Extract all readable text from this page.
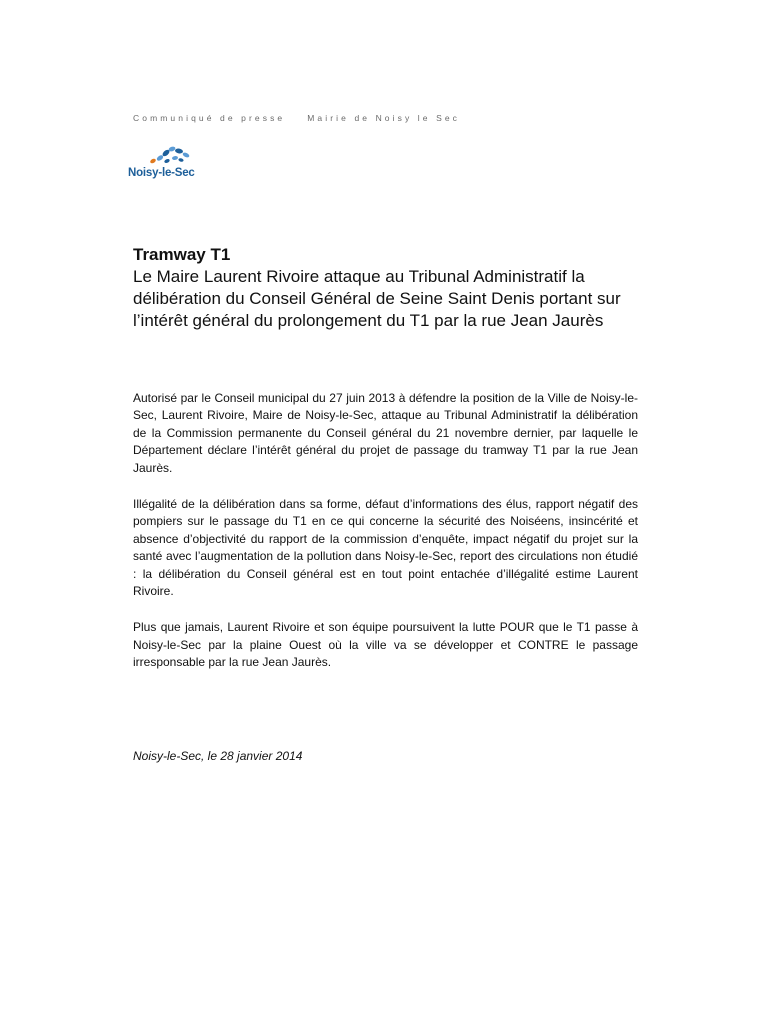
Communiqué de presse	Mairie de Noisy le Sec
Noisy-le-Sec

Tramway T1

Le Maire Laurent Rivoire attaque au Tribunal Administratif la délibération du Conseil Général de Seine Saint Denis portant sur l’intérêt général du prolongement du T1 par la rue Jean Jaurès

Autorisé par le Conseil municipal du 27 juin 2013 à défendre la position de la Ville de Noisy-le-Sec, Laurent Rivoire, Maire de Noisy-le-Sec, attaque au Tribunal Administratif la délibération de la Commission permanente du Conseil général du 21 novembre dernier, par laquelle le Département déclare l’intérêt général du projet de passage du tramway T1 par la rue Jean Jaurès.

Illégalité de la délibération dans sa forme, défaut d’informations des élus, rapport négatif des pompiers sur le passage du T1 en ce qui concerne la sécurité des Noiséens, insincérité et absence d’objectivité du rapport de la commission d’enquête, impact négatif du projet sur la santé avec l’augmentation de la pollution dans Noisy-le-Sec, report des circulations non étudié : la délibération du Conseil général est en tout point entachée d’illégalité estime Laurent Rivoire.

Plus que jamais, Laurent Rivoire et son équipe poursuivent la lutte POUR que le T1 passe à Noisy-le-Sec par la plaine Ouest où la ville va se développer et CONTRE le passage irresponsable par la rue Jean Jaurès.

Noisy-le-Sec, le 28 janvier 2014
